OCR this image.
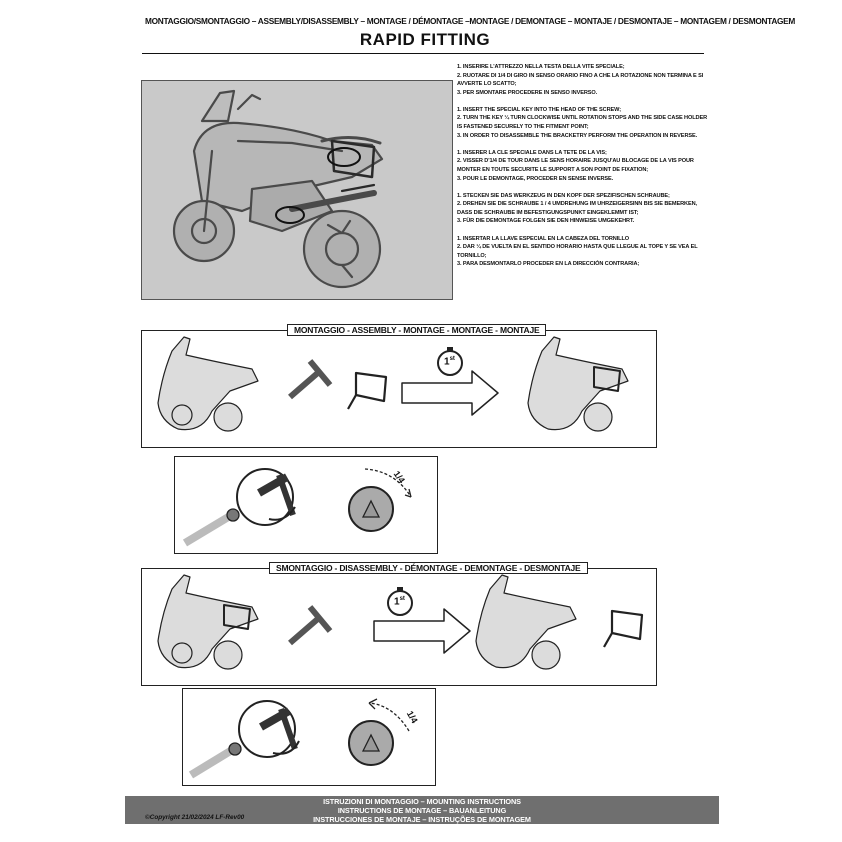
MONTAGGIO/SMONTAGGIO – ASSEMBLY/DISASSEMBLY – MONTAGE / DÉMONTAGE –MONTAGE / DEMONTAGE – MONTAJE / DESMONTAJE – MONTAGEM / DESMONTAGEM
RAPID FITTING

1. INSERIRE L'ATTREZZO NELLA TESTA DELLA VITE SPECIALE;
2. RUOTARE DI 1/4 DI GIRO IN SENSO ORARIO FINO A CHE LA ROTAZIONE NON TERMINA E SI AVVERTE LO SCATTO;
3. PER SMONTARE PROCEDERE IN SENSO INVERSO.

1. INSERT THE SPECIAL KEY INTO THE HEAD OF THE SCREW;
2. TURN THE KEY ¼ TURN CLOCKWISE UNTIL ROTATION STOPS AND THE SIDE CASE HOLDER IS FASTENED SECURELY TO THE FITMENT POINT;
3. IN ORDER TO DISASSEMBLE THE BRACKETRY PERFORM THE OPERATION IN REVERSE.

1. INSERER LA CLE SPECIALE DANS LA TETE DE LA VIS;
2. VISSER D'1/4 DE TOUR DANS LE SENS HORAIRE JUSQU'AU BLOCAGE DE LA VIS POUR MONTER EN TOUTE SECURITE LE SUPPORT A SON POINT DE FIXATION;
3. POUR LE DEMONTAGE, PROCEDER EN SENSE INVERSE.

1. STECKEN SIE DAS WERKZEUG IN DEN KOPF DER SPEZIFISCHEN SCHRAUBE;
2. DREHEN SIE DIE SCHRAUBE 1 / 4 UMDREHUNG IM UHRZEIGERSINN BIS SIE BEMERKEN, DASS DIE SCHRAUBE IM BEFESTIGUNGSPUNKT EINGEKLEMMT IST;
3. FÜR DIE DEMONTAGE FOLGEN SIE DEN HINWEISE UMGEKEHRT.

1. INSERTAR LA LLAVE ESPECIAL EN LA CABEZA DEL TORNILLO
2. DAR ¼ DE VUELTA EN EL SENTIDO HORARIO HASTA QUE LLEGUE AL TOPE Y SE VEA EL TORNILLO;
3. PARA DESMONTARLO PROCEDER EN LA DIRECCIÓN CONTRARIA;

MONTAGGIO - ASSEMBLY - MONTAGE - MONTAGE - MONTAJE
1st
1/4
SMONTAGGIO - DISASSEMBLY - DÉMONTAGE - DEMONTAGE - DESMONTAJE
1st
1/4
ISTRUZIONI DI MONTAGGIO – MOUNTING INSTRUCTIONS
INSTRUCTIONS DE MONTAGE – BAUANLEITUNG
INSTRUCCIONES DE MONTAJE – INSTRUÇÕES DE MONTAGEM
©Copyright 21/02/2024 LF-Rev00
